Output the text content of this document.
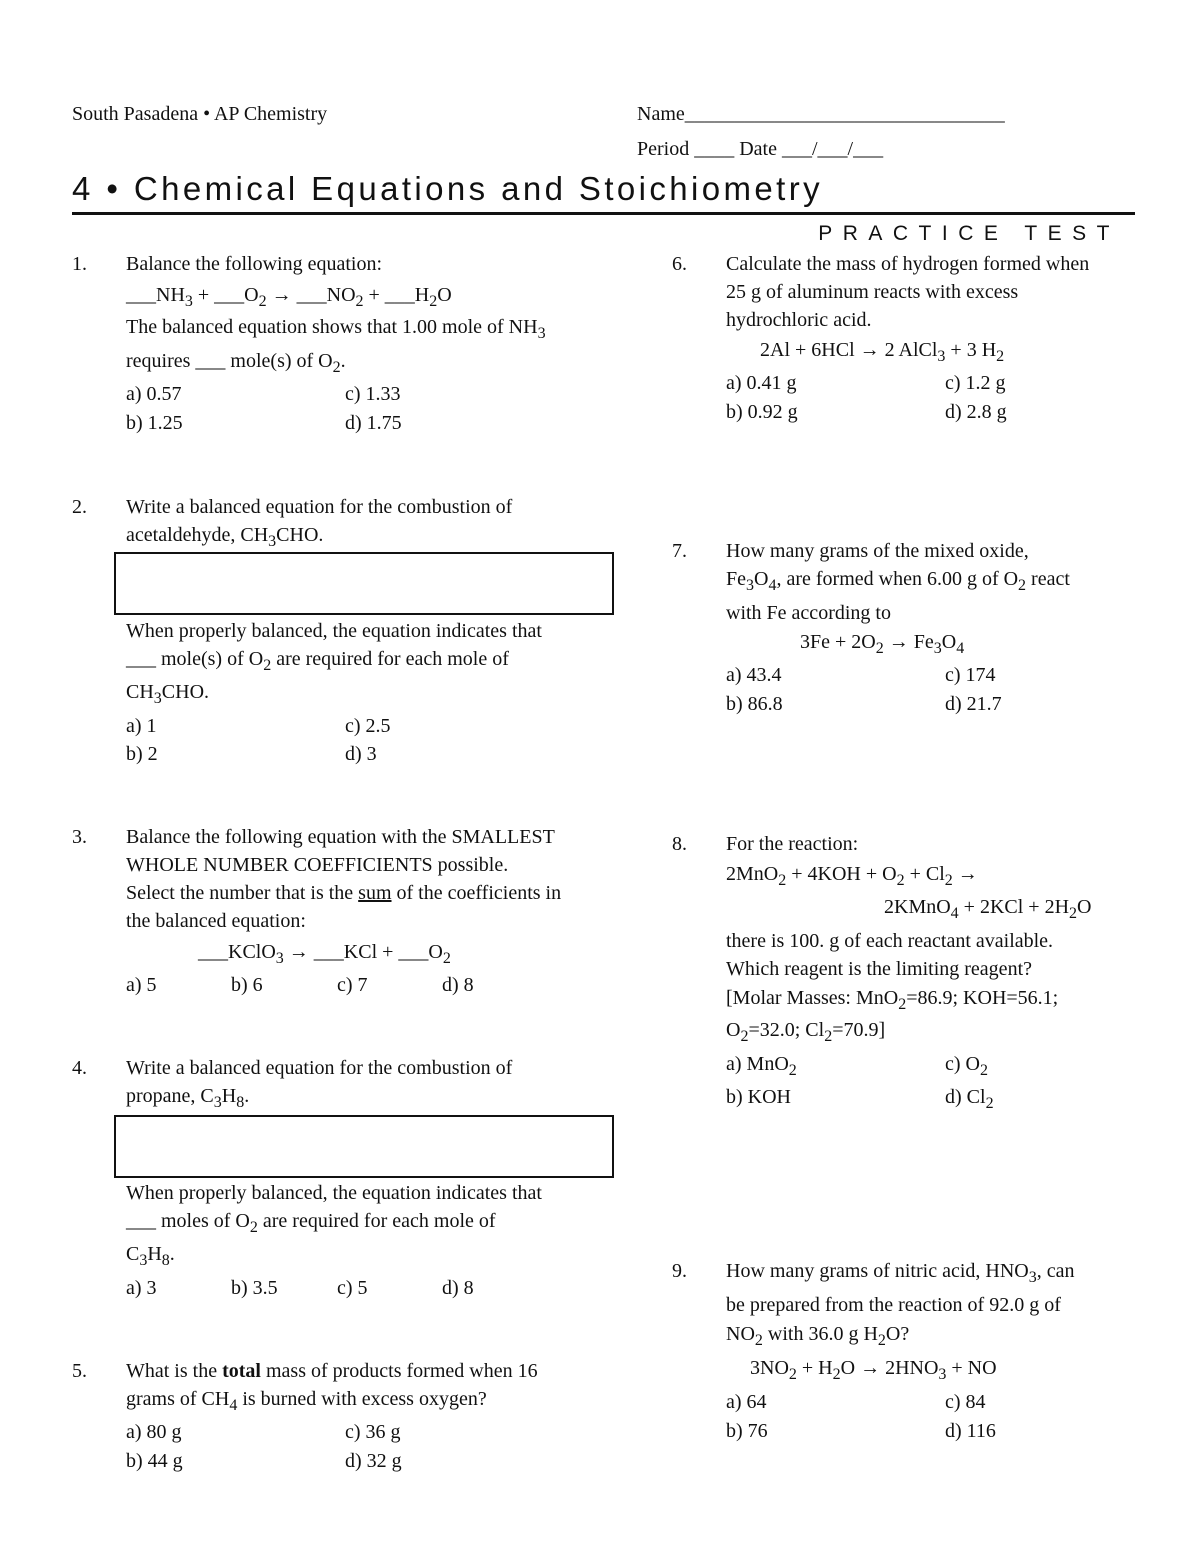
South Pasadena • AP Chemistry	Name________________________________
Period ____ Date ___/___/___
4 • Chemical Equations and Stoichiometry
PRACTICE TEST
1. Balance the following equation:
$\_\_\_NH_3$ + $\_\_\_O_2$ → $\_\_\_NO_2$ + $\_\_\_H_2O$
The balanced equation shows that 1.00 mole of $NH_3$
requires ___ mole(s) of $O_2$.
a) 0.57
b) 1.25
c) 1.33
d) 1.75
2. Write a balanced equation for the combustion of
acetaldehyde, $CH_3CHO$.
When properly balanced, the equation indicates that
___ mole(s) of $O_2$ are required for each mole of
$CH_3CHO$.
a) 1
b) 2
c) 2.5
d) 3
3. Balance the following equation with the SMALLEST
WHOLE NUMBER COEFFICIENTS possible.
Select the number that is the sum of the coefficients in
the balanced equation:
___KClO$_3$ → ___KCl + $\_\_\_O_2$
a) 5	b) 6	c) 7	d) 8
4. Write a balanced equation for the combustion of
propane, $C_3H_8$.
When properly balanced, the equation indicates that
___ moles of $O_2$ are required for each mole of
$C_3H_8$.
a) 3	b) 3.5	c) 5	d) 8
5. What is the total mass of products formed when 16
grams of $CH_4$ is burned with excess oxygen?
a) 80 g
b) 44 g
c) 36 g
d) 32 g
6. Calculate the mass of hydrogen formed when
25 g of aluminum reacts with excess
hydrochloric acid.
2Al + 6HCl → 2 AlCl$_3$ + 3 $H_2$
a) 0.41 g
b) 0.92 g
c) 1.2 g
d) 2.8 g
7. How many grams of the mixed oxide,
$Fe_3O_4$, are formed when 6.00 g of $O_2$ react
with Fe according to
$3Fe + 2O_2 \to Fe_3O_4$
a) 43.4
b) 86.8
c) 174
d) 21.7
8. For the reaction:
$2MnO_2 + 4KOH + O_2 + Cl_2$ →
2KMnO$_4$ + $2KCl + 2H_2O$
there is 100. g of each reactant available.
Which reagent is the limiting reagent?
[Molar Masses: MnO$_2$=86.9; KOH=56.1;
$O_2=32.0$; $Cl_2=70.9$]
a) MnO$_2$
b) KOH
c) $O_2$
d) $Cl_2$
9. How many grams of nitric acid, $HNO_3$, can
be prepared from the reaction of 92.0 g of
$NO_2$ with 36.0 g $H_2O$?
$3NO_2 + H_2O \to 2HNO_3$ + NO
a) 64
b) 76
c) 84
d) 116
